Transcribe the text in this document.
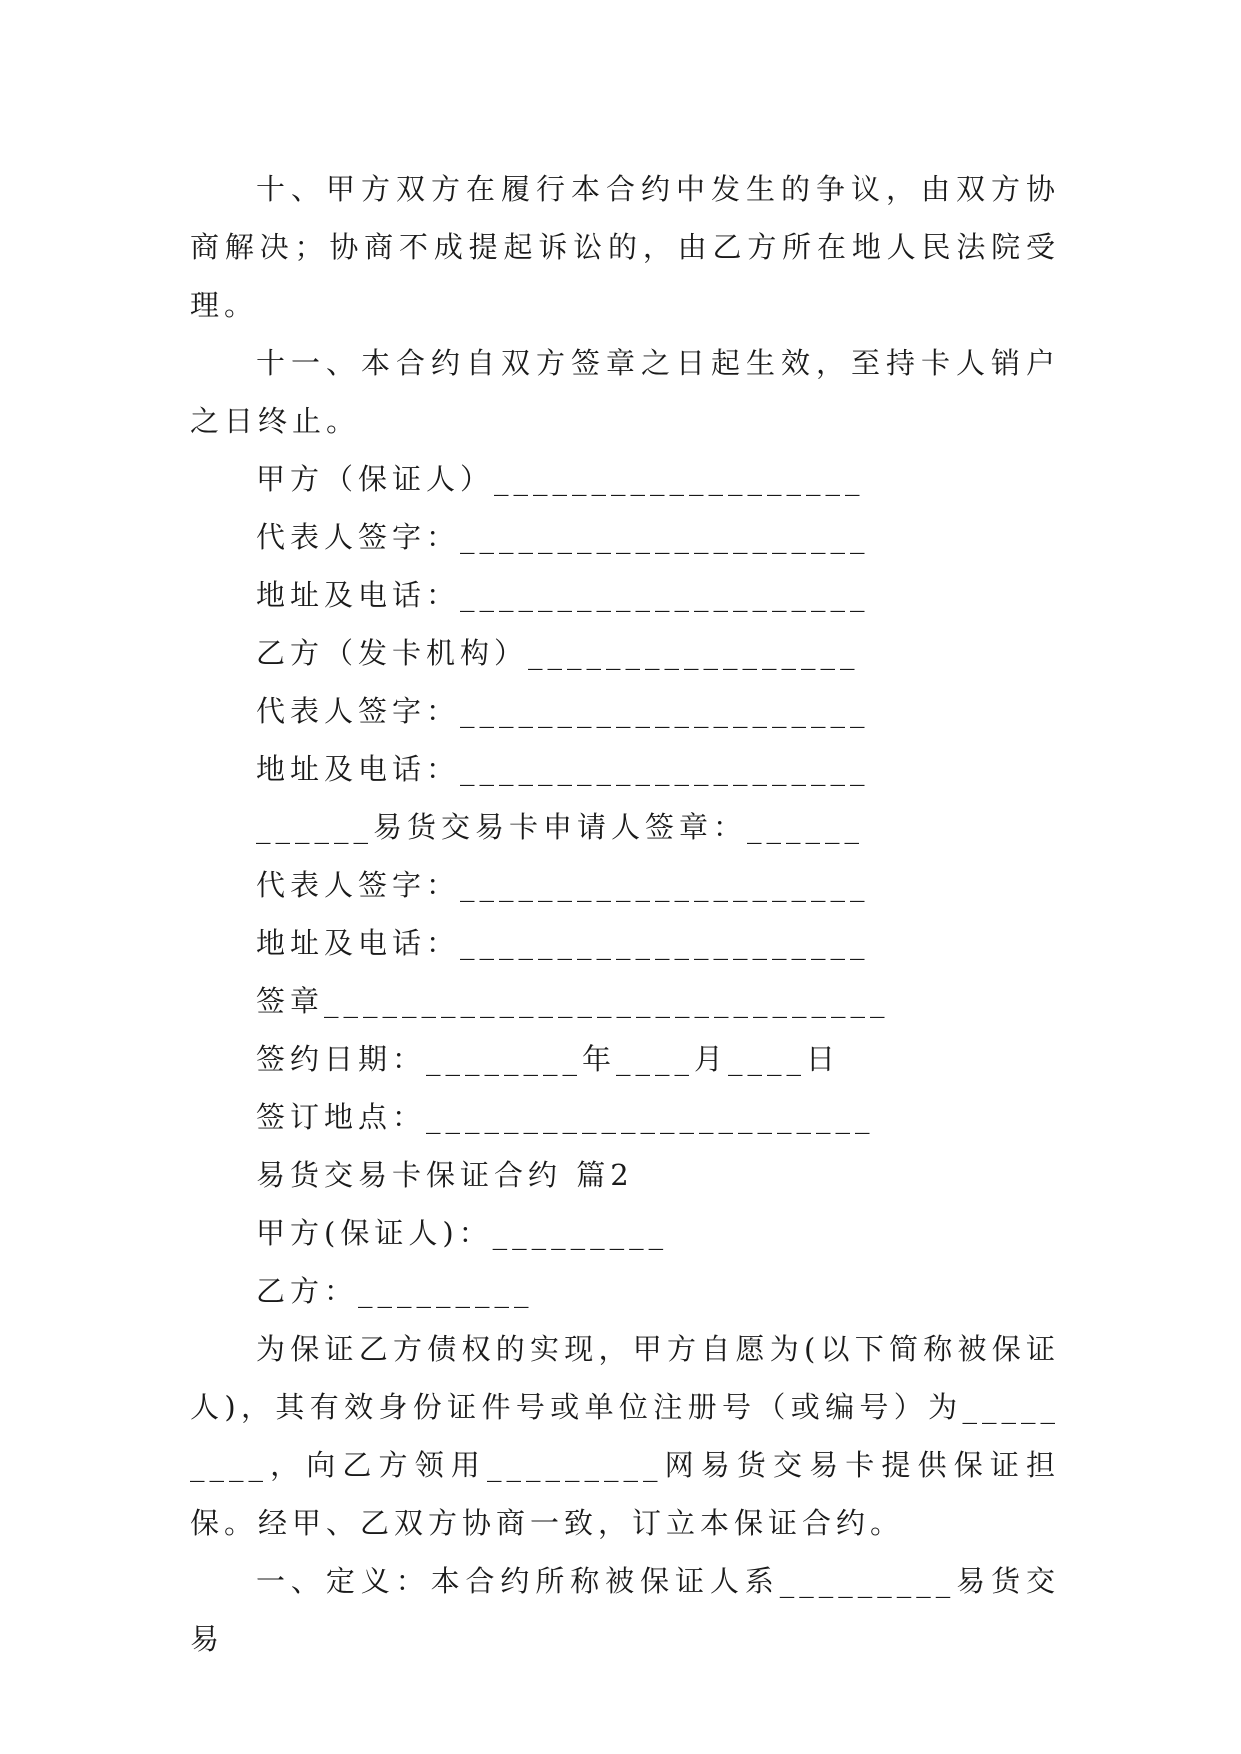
十、甲方双方在履行本合约中发生的争议，由双方协商解决；协商不成提起诉讼的，由乙方所在地人民法院受理。

十一、本合约自双方签章之日起生效，至持卡人销户之日终止。

甲方（保证人）___________________

代表人签字：_____________________

地址及电话：_____________________

乙方（发卡机构）_________________

代表人签字：_____________________

地址及电话：_____________________

______易货交易卡申请人签章：______

代表人签字：_____________________

地址及电话：_____________________

签章_____________________________

签约日期：________年____月____日

签订地点：_______________________

易货交易卡保证合约 篇2

甲方(保证人)：_________

乙方：_________

为保证乙方债权的实现，甲方自愿为(以下简称被保证人)，其有效身份证件号或单位注册号（或编号）为_________，向乙方领用_________网易货交易卡提供保证担保。经甲、乙双方协商一致，订立本保证合约。

一、定义：本合约所称被保证人系_________易货交易
